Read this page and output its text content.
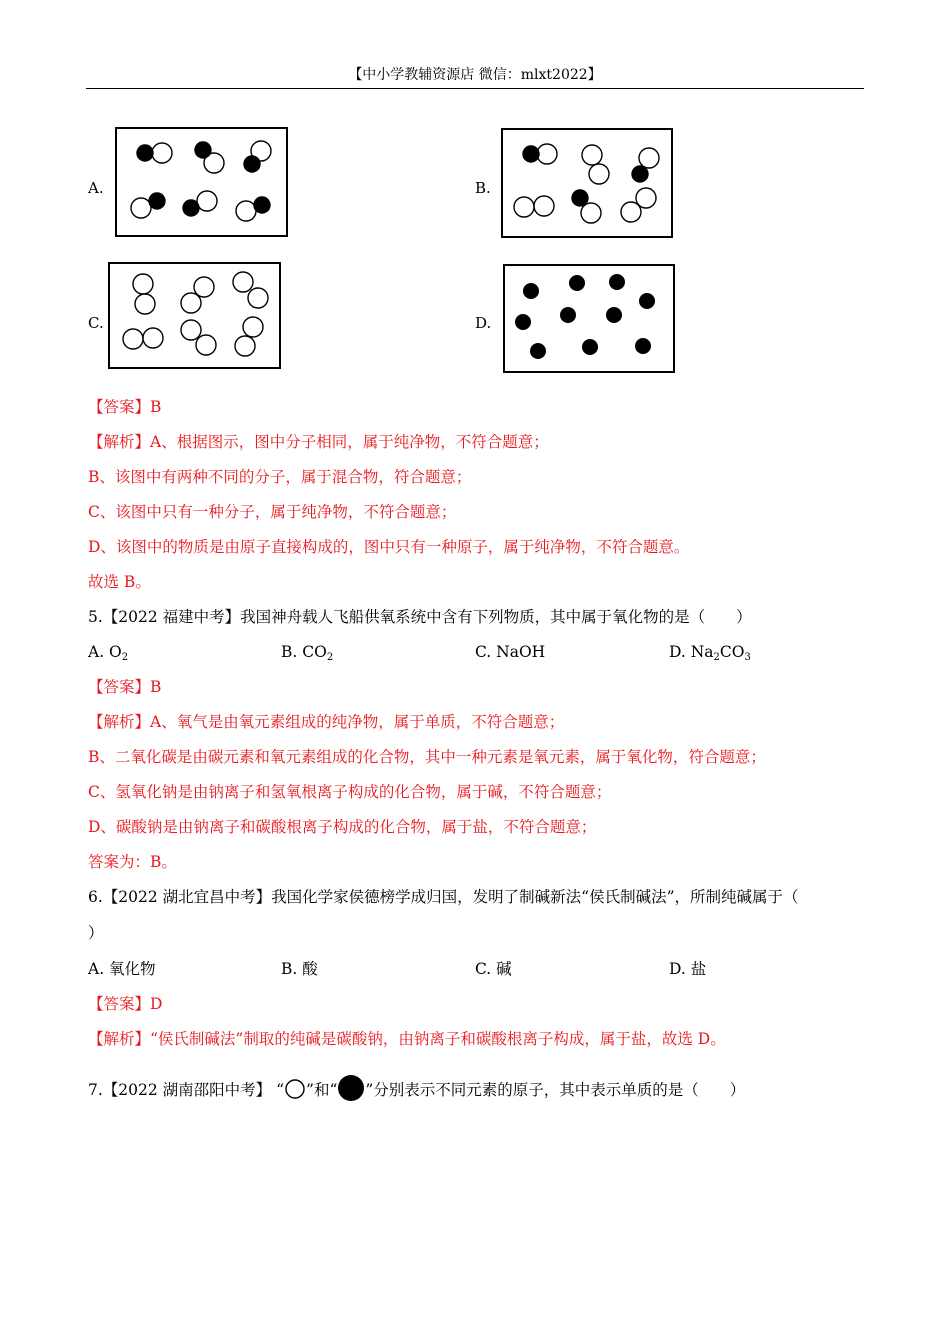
【中小学教辅资源店 微信：mlxt2022】
A.	B.
C.	D.
【答案】B
【解析】A、根据图示，图中分子相同，属于纯净物，不符合题意；
B、该图中有两种不同的分子，属于混合物，符合题意；
C、该图中只有一种分子，属于纯净物，不符合题意；
D、该图中的物质是由原子直接构成的，图中只有一种原子，属于纯净物，不符合题意。
故选 B。
5.【2022 福建中考】我国神舟载人飞船供氧系统中含有下列物质，其中属于氧化物的是（　　）
A. $O_2$	B. $CO_2$	C. NaOH	D. $Na_2CO_3$
【答案】B
【解析】A、氧气是由氧元素组成的纯净物，属于单质，不符合题意；
B、二氧化碳是由碳元素和氧元素组成的化合物，其中一种元素是氧元素，属于氧化物，符合题意；
C、氢氧化钠是由钠离子和氢氧根离子构成的化合物，属于碱，不符合题意；
D、碳酸钠是由钠离子和碳酸根离子构成的化合物，属于盐，不符合题意；
答案为：B。
6.【2022 湖北宜昌中考】我国化学家侯德榜学成归国，发明了制碱新法“侯氏制碱法”，所制纯碱属于（
）
A. 氧化物	B. 酸	C. 碱	D. 盐
【答案】D
【解析】“侯氏制碱法”制取的纯碱是碳酸钠，由钠离子和碳酸根离子构成，属于盐，故选 D。
7.【2022 湖南邵阳中考】 “ ”和“ ”分别表示不同元素的原子，其中表示单质的是（　　）
